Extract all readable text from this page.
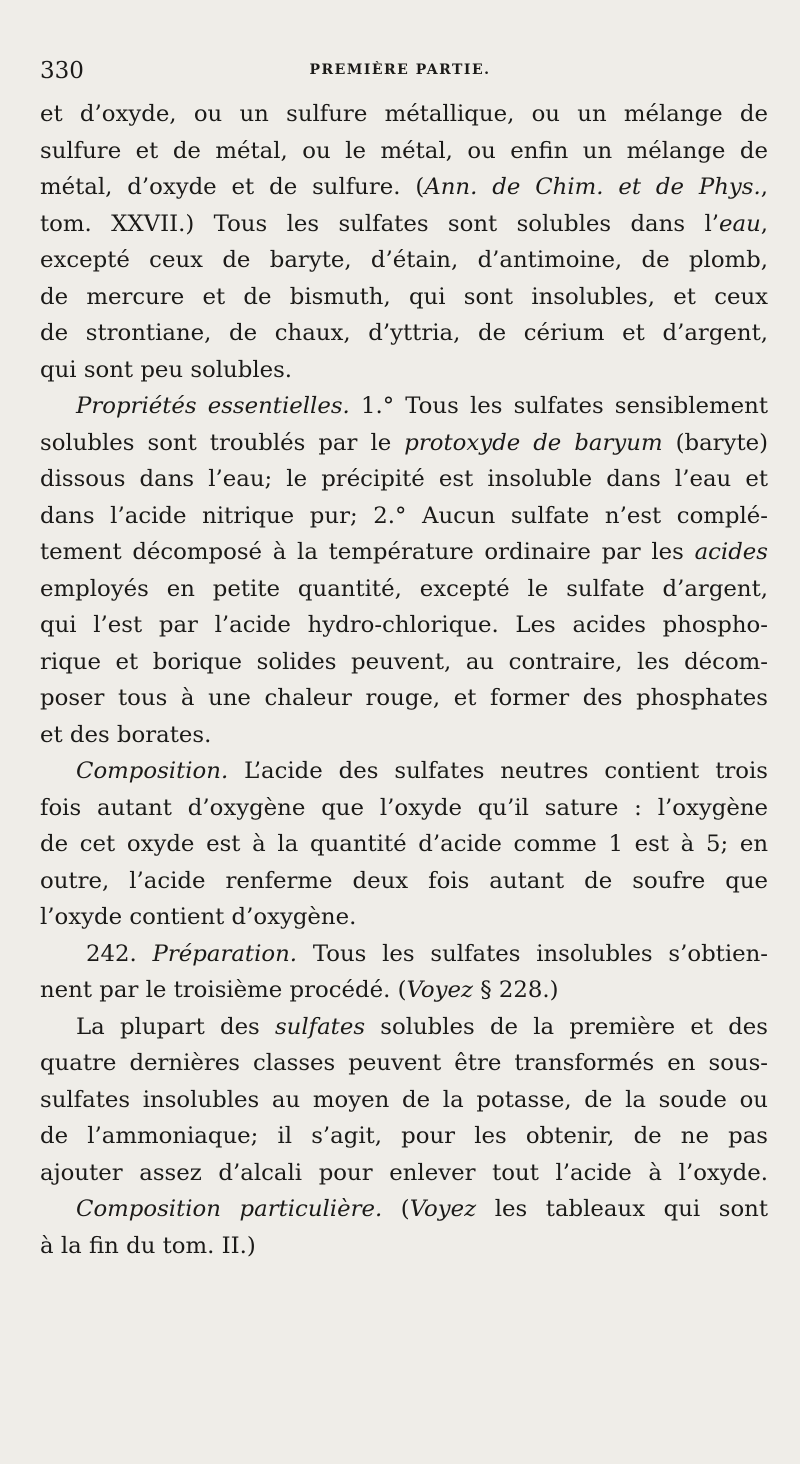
330	PREMIÈRE PARTIE.
et d’oxyde, ou un sulfure métallique, ou un mélange de
sulfure et de métal, ou le métal, ou enfin un mélange de
métal, d’oxyde et de sulfure. (Ann. de Chim. et de Phys.,
tom. XXVII.) Tous les sulfates sont solubles dans l’eau,
excepté ceux de baryte, d’étain, d’antimoine, de plomb,
de mercure et de bismuth, qui sont insolubles, et ceux
de strontiane, de chaux, d’yttria, de cérium et d’argent,
qui sont peu solubles.
Propriétés essentielles. 1.° Tous les sulfates sensiblement
solubles sont troublés par le protoxyde de baryum (baryte)
dissous dans l’eau; le précipité est insoluble dans l’eau et
dans l’acide nitrique pur; 2.° Aucun sulfate n’est complé-
tement décomposé à la température ordinaire par les acides
employés en petite quantité, excepté le sulfate d’argent,
qui l’est par l’acide hydro-chlorique. Les acides phospho-
rique et borique solides peuvent, au contraire, les décom-
poser tous à une chaleur rouge, et former des phosphates
et des borates.
Composition. L’acide des sulfates neutres contient trois
fois autant d’oxygène que l’oxyde qu’il sature : l’oxygène
de cet oxyde est à la quantité d’acide comme 1 est à 5; en
outre, l’acide renferme deux fois autant de soufre que
l’oxyde contient d’oxygène.
242. Préparation. Tous les sulfates insolubles s’obtien-
nent par le troisième procédé. (Voyez § 228.)
La plupart des sulfates solubles de la première et des
quatre dernières classes peuvent être transformés en sous-
sulfates insolubles au moyen de la potasse, de la soude ou
de l’ammoniaque; il s’agit, pour les obtenir, de ne pas
ajouter assez d’alcali pour enlever tout l’acide à l’oxyde.
Composition particulière. (Voyez les tableaux qui sont
à la fin du tom. II.)
